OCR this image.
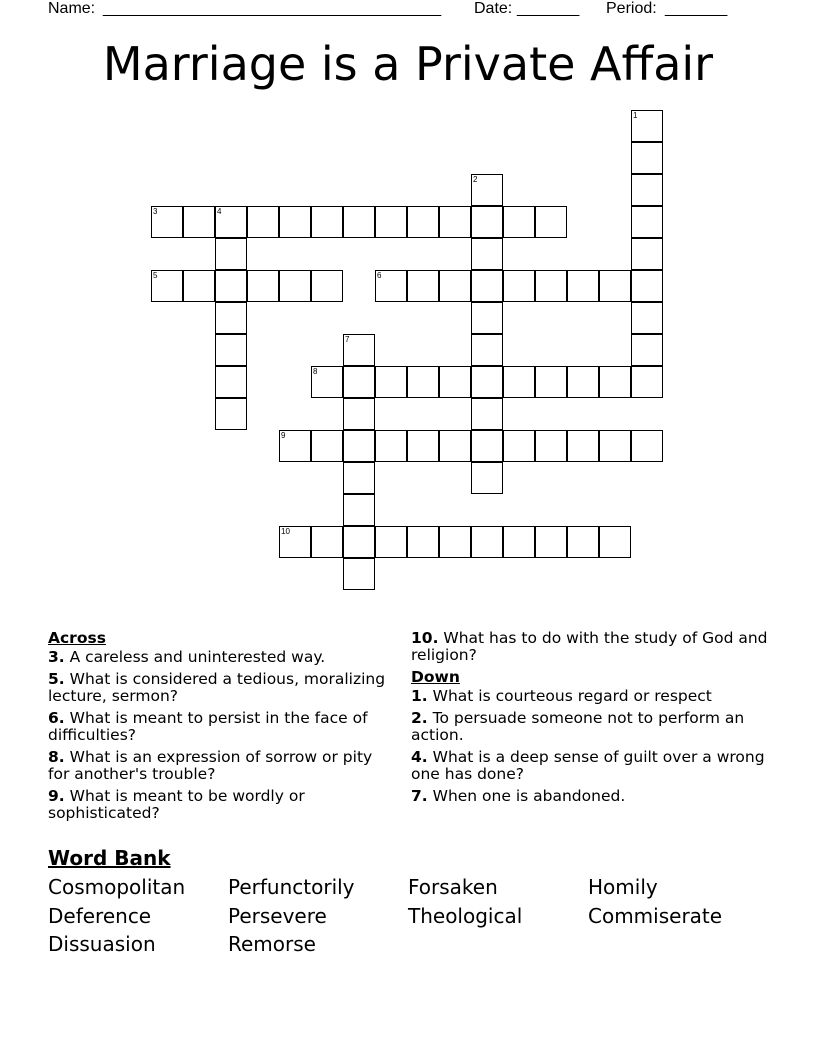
Name: ______________________________________ Date: _______ Period: _______
Marriage is a Private Affair
1
2
3	4
5	6
7
8
9
10
Across
3. A careless and uninterested way.
5. What is considered a tedious, moralizing lecture, sermon?
6. What is meant to persist in the face of difficulties?
8. What is an expression of sorrow or pity for another's trouble?
9. What is meant to be wordly or sophisticated?
10. What has to do with the study of God and religion?
Down
1. What is courteous regard or respect
2. To persuade someone not to perform an action.
4. What is a deep sense of guilt over a wrong one has done?
7. When one is abandoned.
Word Bank
Cosmopolitan	Perfunctorily	Forsaken	Homily
Deference	Persevere	Theological	Commiserate
Dissuasion	Remorse
